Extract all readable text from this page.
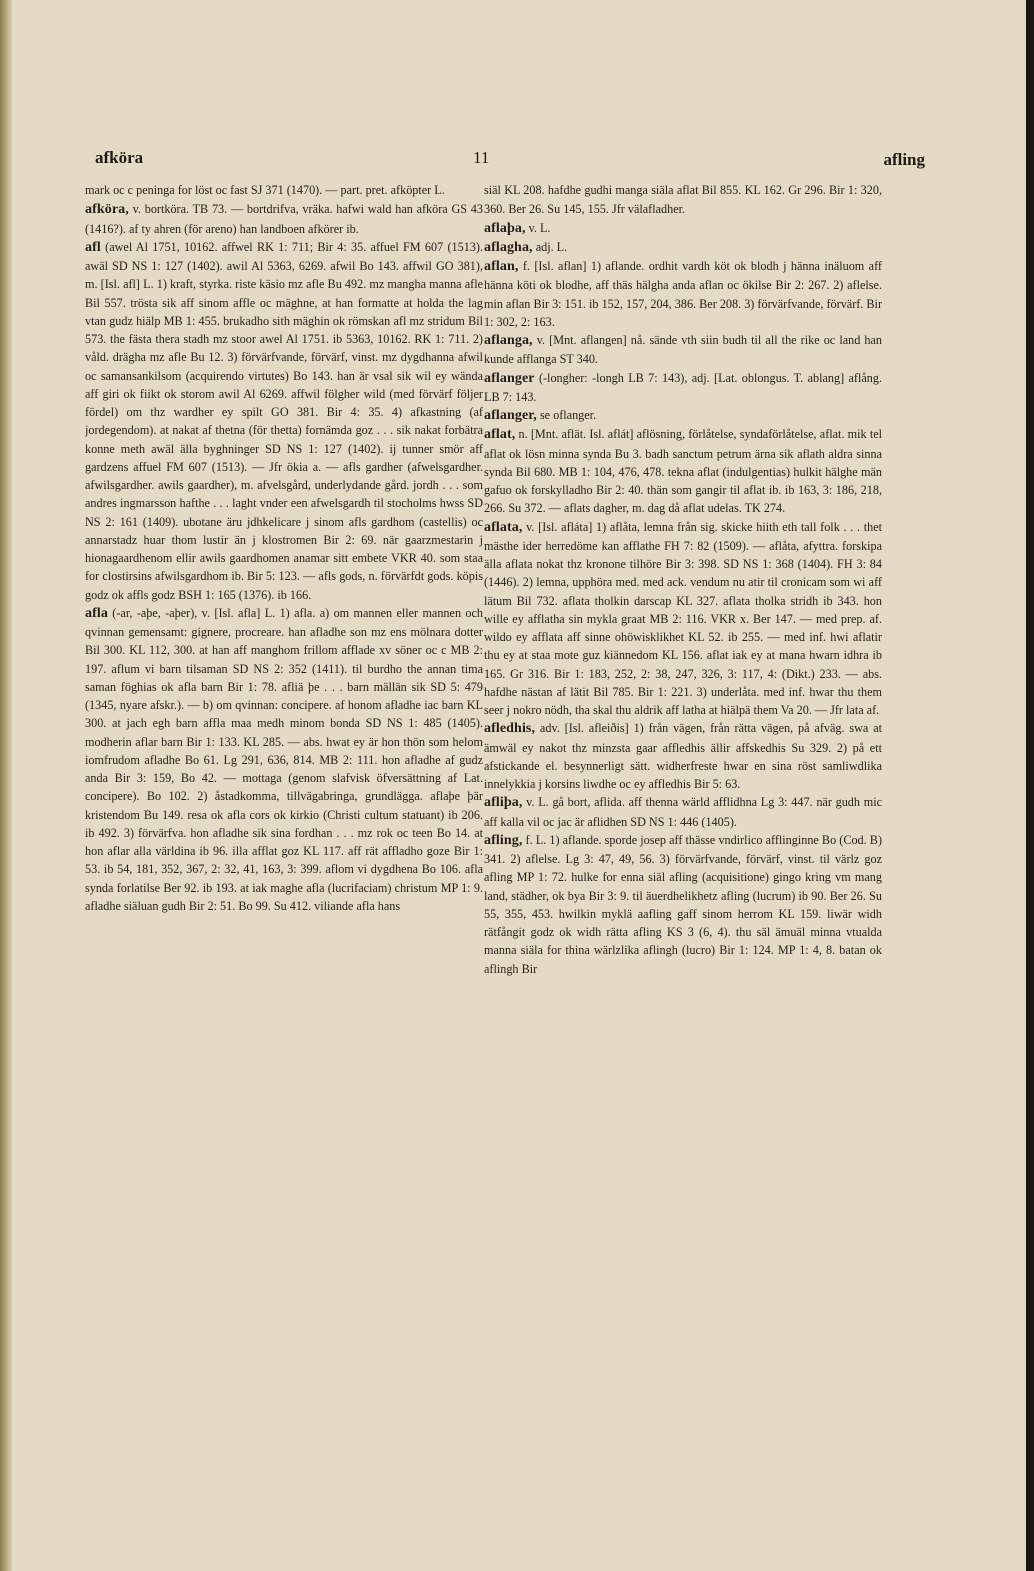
afköra	11	afling

mark oc c peninga for löst oc fast SJ 371 (1470). — part. pret. afköpter L.

afköra, v. bortköra. TB 73. — bortdrifva, vräka. hafwi wald han afköra GS 43 (1416?). af ty ahren (för areno) han landboen afkörer ib.

afl (awel Al 1751, 10162. affwel RK 1: 711; Bir 4: 35. affuel FM 607 (1513). awäl SD NS 1: 127 (1402). awil Al 5363, 6269. afwil Bo 143. affwil GO 381), m. [Isl. afl] L. 1) kraft, styrka. riste käsio mz afle Bu 492. mz mangha manna afle Bil 557. trösta sik aff sinom affle oc mäghne, at han formatte at holda the lag vtan gudz hiälp MB 1: 455. brukadho sith mäghin ok römskan afl mz stridum Bil 573. the fästa thera stadh mz stoor awel Al 1751. ib 5363, 10162. RK 1: 711. 2) våld. drägha mz afle Bu 12. 3) förvärfvande, förvärf, vinst. mz dygdhanna afwil oc samansankilsom (acquirendo virtutes) Bo 143. han är vsal sik wil ey wända aff giri ok fiikt ok storom awil Al 6269. affwil fölgher wild (med förvärf följer fördel) om thz wardher ey spilt GO 381. Bir 4: 35. 4) afkastning (af jordegendom). at nakat af thetna (för thetta) fornämda goz . . . sik nakat forbätra konne meth awäl älla byghninger SD NS 1: 127 (1402). ij tunner smör aff gardzens affuel FM 607 (1513). — Jfr ökia a. — afls gardher (afwelsgardher. afwilsgardher. awils gaardher), m. afvelsgård, underlydande gård. jordh . . . som andres ingmarsson hafthe . . . laght vnder een afwelsgardh til stocholms hwss SD NS 2: 161 (1409). ubotane äru jdhkelicare j sinom afls gardhom (castellis) oc annarstadz huar thom lustir än j klostromen Bir 2: 69. när gaarzmestarin j hionagaardhenom ellir awils gaardhomen anamar sitt embete VKR 40. som staa for clostirsins afwilsgardhom ib. Bir 5: 123. — afls gods, n. förvärfdt gods. köpis godz ok affls godz BSH 1: 165 (1376). ib 166.

afla (-ar, -aþe, -aþer), v. [Isl. afla] L. 1) afla. a) om mannen eller mannen och qvinnan gemensamt: gignere, procreare. han afladhe son mz ens mölnara dotter Bil 300. KL 112, 300. at han aff manghom frillom afflade xv söner oc c MB 2: 197. aflum vi barn tilsaman SD NS 2: 352 (1411). til burdho the annan tima saman föghias ok afla barn Bir 1: 78. afliä þe . . . barn mällän sik SD 5: 479 (1345, nyare afskr.). — b) om qvinnan: concipere. af honom afladhe iac barn KL 300. at jach egh barn affla maa medh minom bonda SD NS 1: 485 (1405). modherin aflar barn Bir 1: 133. KL 285. — abs. hwat ey är hon thön som helom iomfrudom afladhe Bo 61. Lg 291, 636, 814. MB 2: 111. hon afladhe af gudz anda Bir 3: 159, Bo 42. — mottaga (genom slafvisk öfversättning af Lat. concipere). Bo 102. 2) åstadkomma, tillvägabringa, grundlägga. aflaþe þär kristendom Bu 149. resa ok afla cors ok kirkio (Christi cultum statuant) ib 206. ib 492. 3) förvärfva. hon afladhe sik sina fordhan . . . mz rok oc teen Bo 14. at hon aflar alla världina ib 96. illa afflat goz KL 117. aff rät affladho goze Bir 1: 53. ib 54, 181, 352, 367, 2: 32, 41, 163, 3: 399. aflom vi dygdhena Bo 106. afla synda forlatilse Ber 92. ib 193. at iak maghe afla (lucrifaciam) christum MP 1: 9. afladhe siäluan gudh Bir 2: 51. Bo 99. Su 412. viliande afla hans

siäl KL 208. hafdhe gudhi manga siäla aflat Bil 855. KL 162. Gr 296. Bir 1: 320, 360. Ber 26. Su 145, 155. Jfr välafladher.

aflaþa, v. L.

aflagha, adj. L.

aflan, f. [Isl. aflan] 1) aflande. ordhit vardh köt ok blodh j hänna inäluom aff hänna köti ok blodhe, aff thäs hälgha anda aflan oc ökilse Bir 2: 267. 2) aflelse. min aflan Bir 3: 151. ib 152, 157, 204, 386. Ber 208. 3) förvärfvande, förvärf. Bir 1: 302, 2: 163.

aflanga, v. [Mnt. aflangen] nå. sände vth siin budh til all the rike oc land han kunde afflanga ST 340.

aflanger (-longher: -longh LB 7: 143), adj. [Lat. oblongus. T. ablang] aflång. LB 7: 143.

aflanger, se oflanger.

aflat, n. [Mnt. aflät. Isl. aflát] aflösning, förlåtelse, syndaförlåtelse, aflat. mik tel aflat ok lösn minna synda Bu 3. badh sanctum petrum ärna sik aflath aldra sinna synda Bil 680. MB 1: 104, 476, 478. tekna aflat (indulgentias) hulkit hälghe män gafuo ok forskylladho Bir 2: 40. thän som gangir til aflat ib. ib 163, 3: 186, 218, 266. Su 372. — aflats dagher, m. dag då aflat udelas. TK 274.

aflata, v. [Isl. afláta] 1) aflåta, lemna från sig. skicke hiith eth tall folk . . . thet mästhe ider herredöme kan afflathe FH 7: 82 (1509). — aflåta, afyttra. forskipa älla aflata nokat thz kronone tilhöre Bir 3: 398. SD NS 1: 368 (1404). FH 3: 84 (1446). 2) lemna, upphöra med. med ack. vendum nu atir til cronicam som wi aff lätum Bil 732. aflata tholkin darscap KL 327. aflata tholka stridh ib 343. hon wille ey afflatha sin mykla graat MB 2: 116. VKR x. Ber 147. — med prep. af. wildo ey afflata aff sinne ohöwisklikhet KL 52. ib 255. — med inf. hwi aflatir thu ey at staa mote guz kiännedom KL 156. aflat iak ey at mana hwarn idhra ib 165. Gr 316. Bir 1: 183, 252, 2: 38, 247, 326, 3: 117, 4: (Dikt.) 233. — abs. hafdhe nästan af lätit Bil 785. Bir 1: 221. 3) underlåta. med inf. hwar thu them seer j nokro nödh, tha skal thu aldrik aff latha at hiälpä them Va 20. — Jfr lata af.

afledhis, adv. [Isl. afleiðis] 1) från vägen, från rätta vägen, på afväg. swa at ämwäl ey nakot thz minzsta gaar affledhis ällir affskedhis Su 329. 2) på ett afstickande el. besynnerligt sätt. widherfreste hwar en sina röst samliwdlika innelykkia j korsins liwdhe oc ey affledhis Bir 5: 63.

afliþa, v. L. gå bort, aflida. aff thenna wärld afflidhna Lg 3: 447. när gudh mic aff kalla vil oc jac är aflidhen SD NS 1: 446 (1405).

afling, f. L. 1) aflande. sporde josep aff thässe vndirlico afflinginne Bo (Cod. B) 341. 2) aflelse. Lg 3: 47, 49, 56. 3) förvärfvande, förvärf, vinst. til värlz goz afling MP 1: 72. hulke for enna siäl afling (acquisitione) gingo kring vm mang land, städher, ok bya Bir 3: 9. til äuerdhelikhetz afling (lucrum) ib 90. Ber 26. Su 55, 355, 453. hwilkin myklä aafling gaff sinom herrom KL 159. liwär widh rätfångit godz ok widh rätta afling KS 3 (6, 4). thu säl ämuäl minna vtualda manna siäla for thina wärlzlika aflingh (lucro) Bir 1: 124. MP 1: 4, 8. batan ok aflingh Bir
